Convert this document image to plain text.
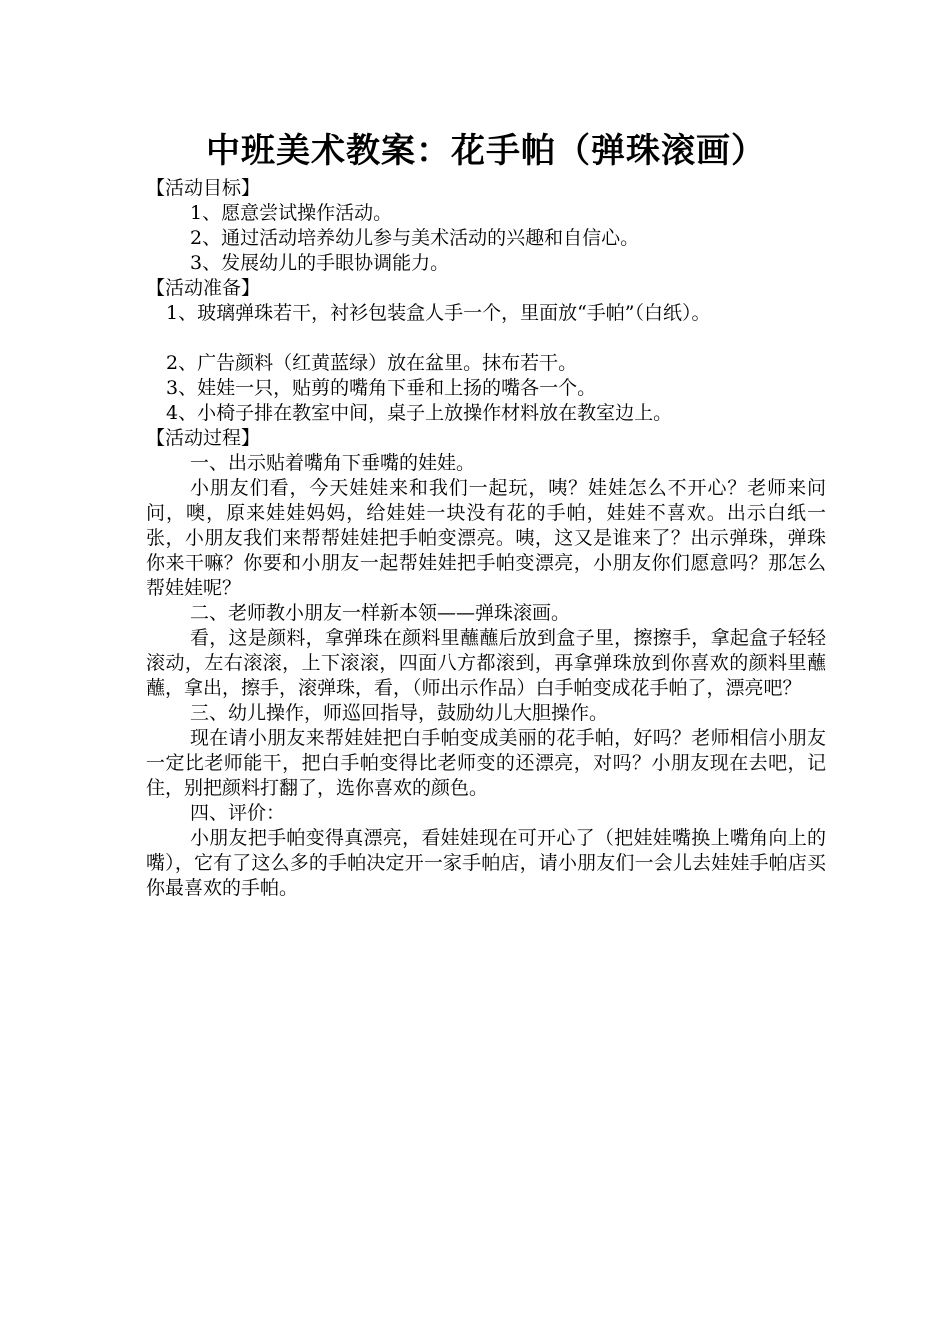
中班美术教案：花手帕（弹珠滚画）

【活动目标】

1、愿意尝试操作活动。

2、通过活动培养幼儿参与美术活动的兴趣和自信心。

3、发展幼儿的手眼协调能力。

【活动准备】

1、玻璃弹珠若干，衬衫包装盒人手一个，里面放“手帕”（白纸）。

2、广告颜料（红黄蓝绿）放在盆里。抹布若干。

3、娃娃一只，贴剪的嘴角下垂和上扬的嘴各一个。

4、小椅子排在教室中间，桌子上放操作材料放在教室边上。

【活动过程】

一、出示贴着嘴角下垂嘴的娃娃。

小朋友们看，今天娃娃来和我们一起玩，咦？娃娃怎么不开心？老师来问问，噢，原来娃娃妈妈，给娃娃一块没有花的手帕，娃娃不喜欢。出示白纸一张，小朋友我们来帮帮娃娃把手帕变漂亮。咦，这又是谁来了？出示弹珠，弹珠你来干嘛？你要和小朋友一起帮娃娃把手帕变漂亮，小朋友你们愿意吗？那怎么帮娃娃呢？

二、老师教小朋友一样新本领——弹珠滚画。

看，这是颜料，拿弹珠在颜料里蘸蘸后放到盒子里，擦擦手，拿起盒子轻轻滚动，左右滚滚，上下滚滚，四面八方都滚到，再拿弹珠放到你喜欢的颜料里蘸蘸，拿出，擦手，滚弹珠，看，（师出示作品）白手帕变成花手帕了，漂亮吧？

三、幼儿操作，师巡回指导，鼓励幼儿大胆操作。

现在请小朋友来帮娃娃把白手帕变成美丽的花手帕，好吗？老师相信小朋友一定比老师能干，把白手帕变得比老师变的还漂亮，对吗？小朋友现在去吧，记住，别把颜料打翻了，选你喜欢的颜色。

四、评价：

小朋友把手帕变得真漂亮，看娃娃现在可开心了（把娃娃嘴换上嘴角向上的嘴），它有了这么多的手帕决定开一家手帕店，请小朋友们一会儿去娃娃手帕店买你最喜欢的手帕。
